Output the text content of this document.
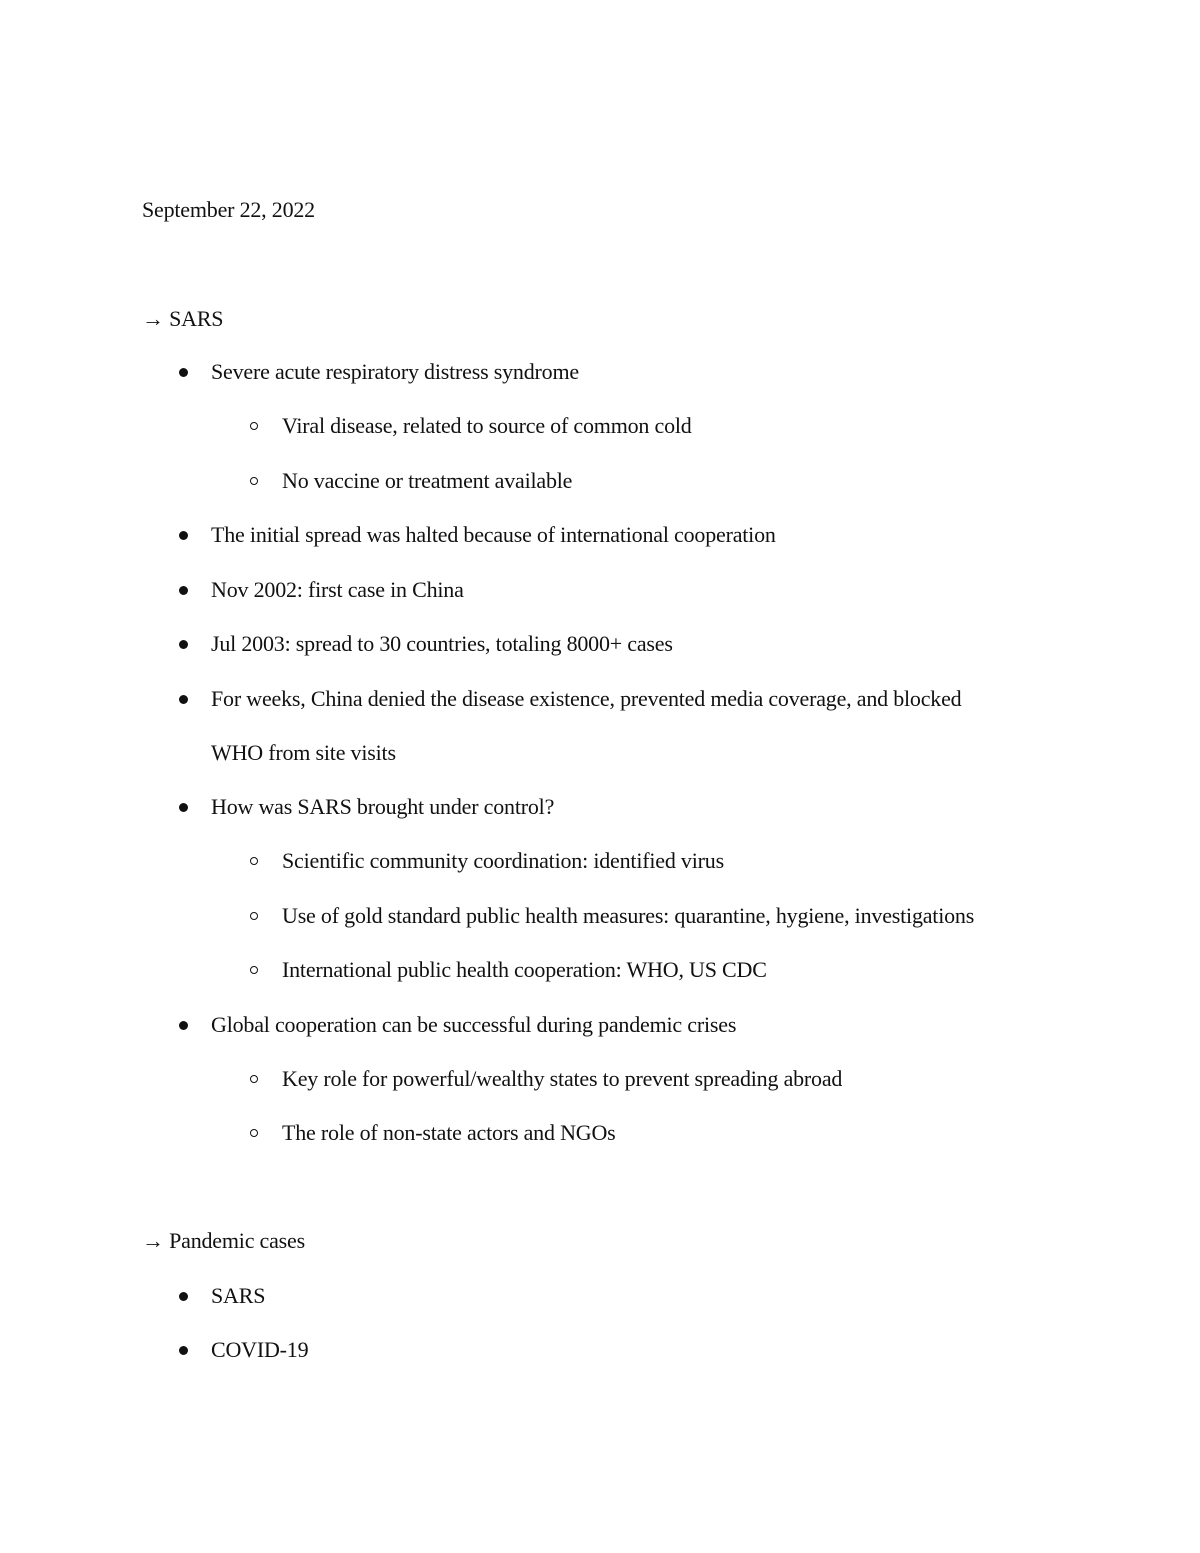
September 22, 2022
→ SARS
Severe acute respiratory distress syndrome
Viral disease, related to source of common cold
No vaccine or treatment available
The initial spread was halted because of international cooperation
Nov 2002: first case in China
Jul 2003: spread to 30 countries, totaling 8000+ cases
For weeks, China denied the disease existence, prevented media coverage, and blocked
WHO from site visits
How was SARS brought under control?
Scientific community coordination: identified virus
Use of gold standard public health measures: quarantine, hygiene, investigations
International public health cooperation: WHO, US CDC
Global cooperation can be successful during pandemic crises
Key role for powerful/wealthy states to prevent spreading abroad
The role of non-state actors and NGOs
→ Pandemic cases
SARS
COVID-19
